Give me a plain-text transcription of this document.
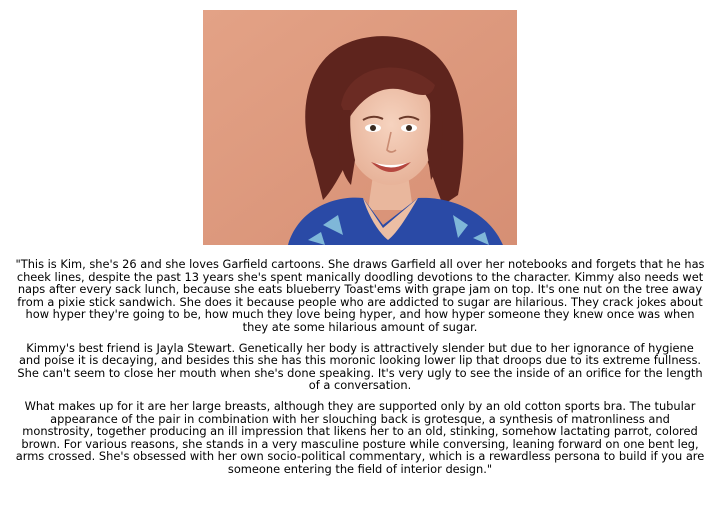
"This is Kim, she's 26 and she loves Garfield cartoons. She draws Garfield all over her notebooks and forgets that he has cheek lines, despite the past 13 years she's spent manically doodling devotions to the character. Kimmy also needs wet naps after every sack lunch, because she eats blueberry Toast'ems with grape jam on top. It's one nut on the tree away from a pixie stick sandwich. She does it because people who are addicted to sugar are hilarious. They crack jokes about how hyper they're going to be, how much they love being hyper, and how hyper someone they knew once was when they ate some hilarious amount of sugar.

Kimmy's best friend is Jayla Stewart. Genetically her body is attractively slender but due to her ignorance of hygiene and poise it is decaying, and besides this she has this moronic looking lower lip that droops due to its extreme fullness. She can't seem to close her mouth when she's done speaking. It's very ugly to see the inside of an orifice for the length of a conversation.

What makes up for it are her large breasts, although they are supported only by an old cotton sports bra. The tubular appearance of the pair in combination with her slouching back is grotesque, a synthesis of matronliness and monstrosity, together producing an ill impression that likens her to an old, stinking, somehow lactating parrot, colored brown. For various reasons, she stands in a very masculine posture while conversing, leaning forward on one bent leg, arms crossed. She's obsessed with her own socio-political commentary, which is a rewardless persona to build if you are someone entering the field of interior design."
